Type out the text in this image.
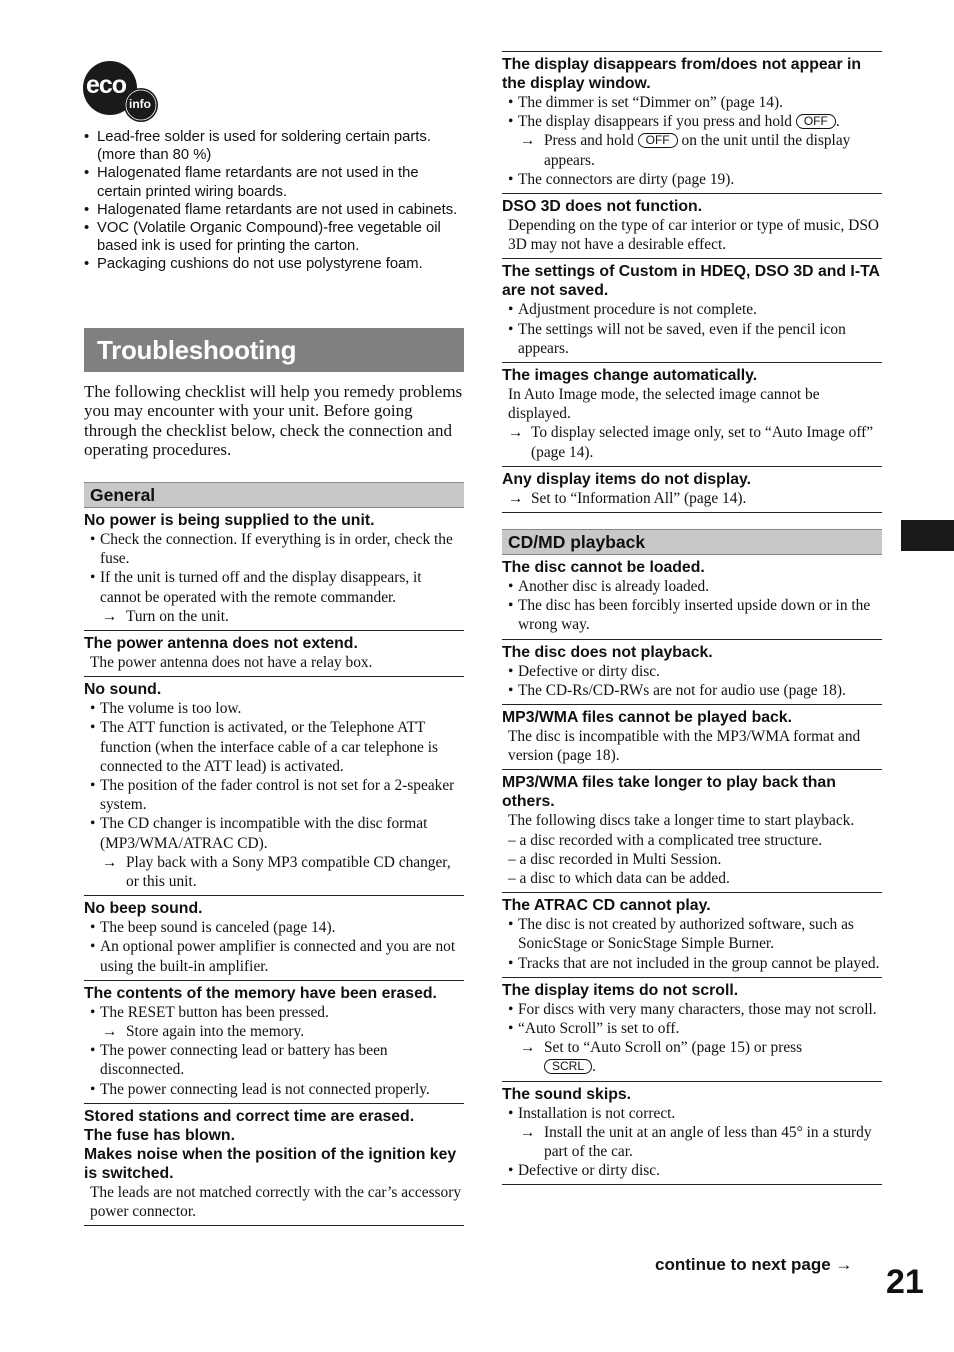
eco
info
• Lead-free solder is used for soldering certain parts. (more than 80 %)
• Halogenated flame retardants are not used in the certain printed wiring boards.
• Halogenated flame retardants are not used in cabinets.
• VOC (Volatile Organic Compound)-free vegetable oil based ink is used for printing the carton.
• Packaging cushions do not use polystyrene foam.
Troubleshooting
The following checklist will help you remedy problems you may encounter with your unit. Before going through the checklist below, check the connection and operating procedures.
General
No power is being supplied to the unit.
• Check the connection. If everything is in order, check the fuse.
• If the unit is turned off and the display disappears, it cannot be operated with the remote commander.
→ Turn on the unit.
The power antenna does not extend.
The power antenna does not have a relay box.
No sound.
• The volume is too low.
• The ATT function is activated, or the Telephone ATT function (when the interface cable of a car telephone is connected to the ATT lead) is activated.
• The position of the fader control is not set for a 2-speaker system.
• The CD changer is incompatible with the disc format (MP3/WMA/ATRAC CD).
→ Play back with a Sony MP3 compatible CD changer, or this unit.
No beep sound.
• The beep sound is canceled (page 14).
• An optional power amplifier is connected and you are not using the built-in amplifier.
The contents of the memory have been erased.
• The RESET button has been pressed.
→ Store again into the memory.
• The power connecting lead or battery has been disconnected.
• The power connecting lead is not connected properly.
Stored stations and correct time are erased.
The fuse has blown.
Makes noise when the position of the ignition key is switched.
The leads are not matched correctly with the car’s accessory power connector.
The display disappears from/does not appear in the display window.
• The dimmer is set “Dimmer on” (page 14).
• The display disappears if you press and hold OFF .
→ Press and hold OFF on the unit until the display appears.
• The connectors are dirty (page 19).
DSO 3D does not function.
Depending on the type of car interior or type of music, DSO 3D may not have a desirable effect.
The settings of Custom in HDEQ, DSO 3D and I-TA are not saved.
• Adjustment procedure is not complete.
• The settings will not be saved, even if the pencil icon appears.
The images change automatically.
In Auto Image mode, the selected image cannot be displayed.
→ To display selected image only, set to “Auto Image off” (page 14).
Any display items do not display.
→ Set to “Information All” (page 14).
CD/MD playback
The disc cannot be loaded.
• Another disc is already loaded.
• The disc has been forcibly inserted upside down or in the wrong way.
The disc does not playback.
• Defective or dirty disc.
• The CD-Rs/CD-RWs are not for audio use (page 18).
MP3/WMA files cannot be played back.
The disc is incompatible with the MP3/WMA format and version (page 18).
MP3/WMA files take longer to play back than others.
The following discs take a longer time to start playback.
– a disc recorded with a complicated tree structure.
– a disc recorded in Multi Session.
– a disc to which data can be added.
The ATRAC CD cannot play.
• The disc is not created by authorized software, such as SonicStage or SonicStage Simple Burner.
• Tracks that are not included in the group cannot be played.
The display items do not scroll.
• For discs with very many characters, those may not scroll.
• “Auto Scroll” is set to off.
→ Set to “Auto Scroll on” (page 15) or press
SCRL .
The sound skips.
• Installation is not correct.
→ Install the unit at an angle of less than 45° in a sturdy part of the car.
• Defective or dirty disc.
continue to next page → 21
